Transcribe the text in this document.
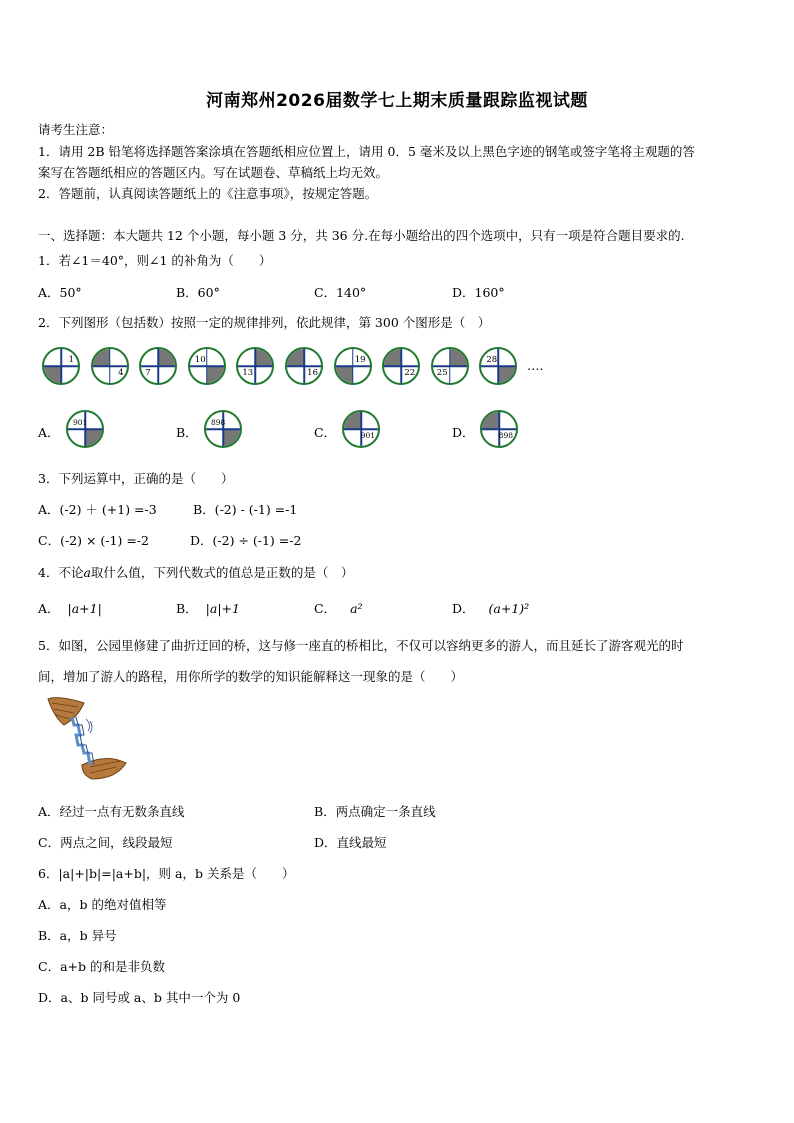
河南郑州2026届数学七上期末质量跟踪监视试题
请考生注意：
1．请用 2B 铅笔将选择题答案涂填在答题纸相应位置上，请用 0．5 毫米及以上黑色字迹的钢笔或签字笔将主观题的答
案写在答题纸相应的答题区内。写在试题卷、草稿纸上均无效。
2．答题前，认真阅读答题纸上的《注意事项》，按规定答题。
一、选择题：本大题共 12 个小题，每小题 3 分，共 36 分.在每小题给出的四个选项中，只有一项是符合题目要求的.
1．若∠1＝40°，则∠1 的补角为（　　）
A．50°	B．60°	C．140°	D．160°
2．下列图形（包括数）按照一定的规律排列，依此规律，第 300 个图形是（　）
1
4	7
10
13	16
19
22	25
28 ….
A．
901
B．
898
C．	901	D．	898
3．下列运算中，正确的是（　　）
A．(-2) ＋ (+1) =-3	B．(-2) - (-1) =-1
C．(-2) × (-1) =-2	D．(-2) ÷ (-1) =-2
4．不论a取什么值，下列代数式的值总是正数的是（　）
A． |a+1|	B． |a|+1	C． a²	D． (a+1)²
5．如图，公园里修建了曲折迂回的桥，这与修一座直的桥相比，不仅可以容纳更多的游人，而且延长了游客观光的时
间，增加了游人的路程，用你所学的数学的知识能解释这一现象的是（　　）
A．经过一点有无数条直线	B．两点确定一条直线
C．两点之间，线段最短	D．直线最短
6．|a|+|b|=|a+b|，则 a，b 关系是（　　）
A．a，b 的绝对值相等
B．a，b 异号
C．a+b 的和是非负数
D．a、b 同号或 a、b 其中一个为 0
